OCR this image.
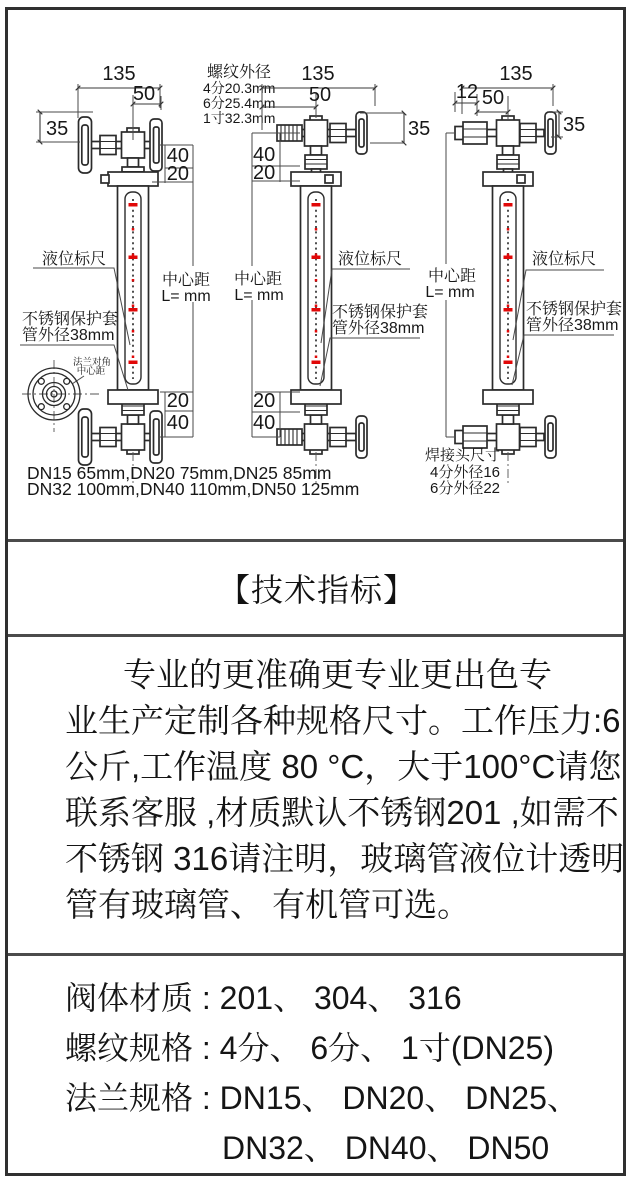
135
50
35
40
20
20
40
中心距
L= mm
液位标尺
不锈钢保护套
管外径38mm
法兰对角
中心距
螺纹外径
4分20.3mm
6分25.4mm
1寸32.3mm
135
50
35
40
20
20
40
中心距
L= mm
液位标尺
不锈钢保护套
管外径38mm
135
12 50
35
中心距
L= mm
液位标尺
不锈钢保护套
管外径38mm
焊接头尺寸
4分外径16
6分外径22
DN15 65mm,DN20 75mm,DN25 85mm
DN32 100mm,DN40 110mm,DN50 125mm
【技术指标】
专业的更准确更专业更出色专
业生产定制各种规格尺寸。工作压力:6
公斤,工作温度 80 °C，大于100°C请您
联系客服 ,材质默认不锈钢201 ,如需不
不锈钢 316请注明，玻璃管液位计透明
管有玻璃管、 有机管可选。
阀体材质 : 201、 304、 316
螺纹规格 : 4分、 6分、 1寸(DN25)
法兰规格 : DN15、 DN20、 DN25、
DN32、 DN40、 DN50
